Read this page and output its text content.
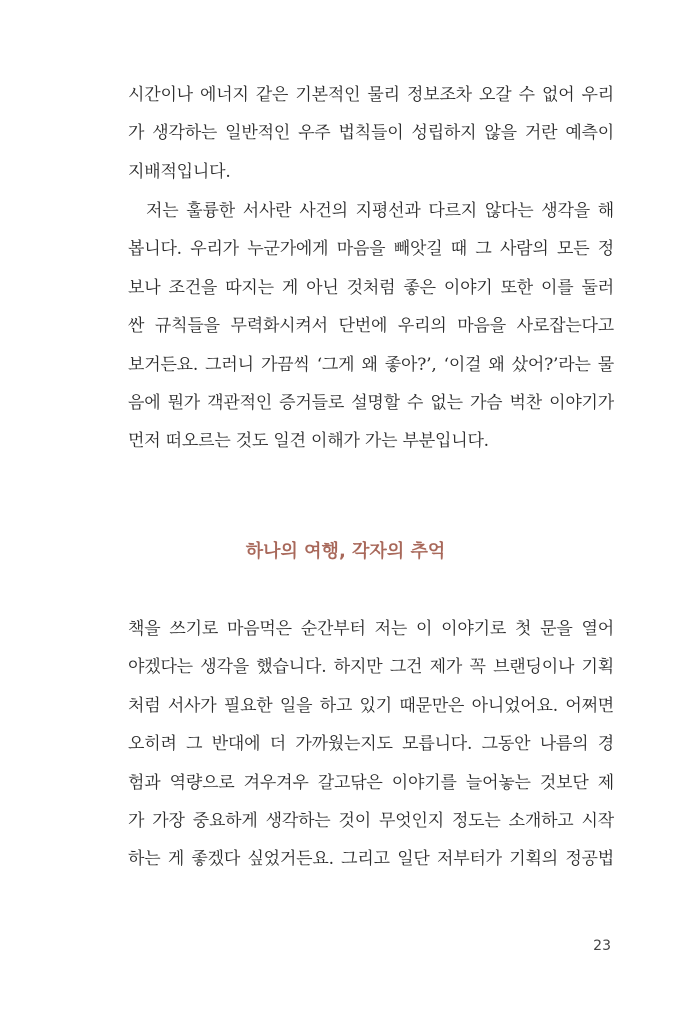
시간이나 에너지 같은 기본적인 물리 정보조차 오갈 수 없어 우리
가 생각하는 일반적인 우주 법칙들이 성립하지 않을 거란 예측이
지배적입니다.
저는 훌륭한 서사란 사건의 지평선과 다르지 않다는 생각을 해
봅니다. 우리가 누군가에게 마음을 빼앗길 때 그 사람의 모든 정
보나 조건을 따지는 게 아닌 것처럼 좋은 이야기 또한 이를 둘러
싼 규칙들을 무력화시켜서 단번에 우리의 마음을 사로잡는다고
보거든요. 그러니 가끔씩 ‘그게 왜 좋아?’, ‘이걸 왜 샀어?’라는 물
음에 뭔가 객관적인 증거들로 설명할 수 없는 가슴 벅찬 이야기가
먼저 떠오르는 것도 일견 이해가 가는 부분입니다.
하나의 여행, 각자의 추억
책을 쓰기로 마음먹은 순간부터 저는 이 이야기로 첫 문을 열어
야겠다는 생각을 했습니다. 하지만 그건 제가 꼭 브랜딩이나 기획
처럼 서사가 필요한 일을 하고 있기 때문만은 아니었어요. 어쩌면
오히려 그 반대에 더 가까웠는지도 모릅니다. 그동안 나름의 경
험과 역량으로 겨우겨우 갈고닦은 이야기를 늘어놓는 것보단 제
가 가장 중요하게 생각하는 것이 무엇인지 정도는 소개하고 시작
하는 게 좋겠다 싶었거든요. 그리고 일단 저부터가 기획의 정공법
23
